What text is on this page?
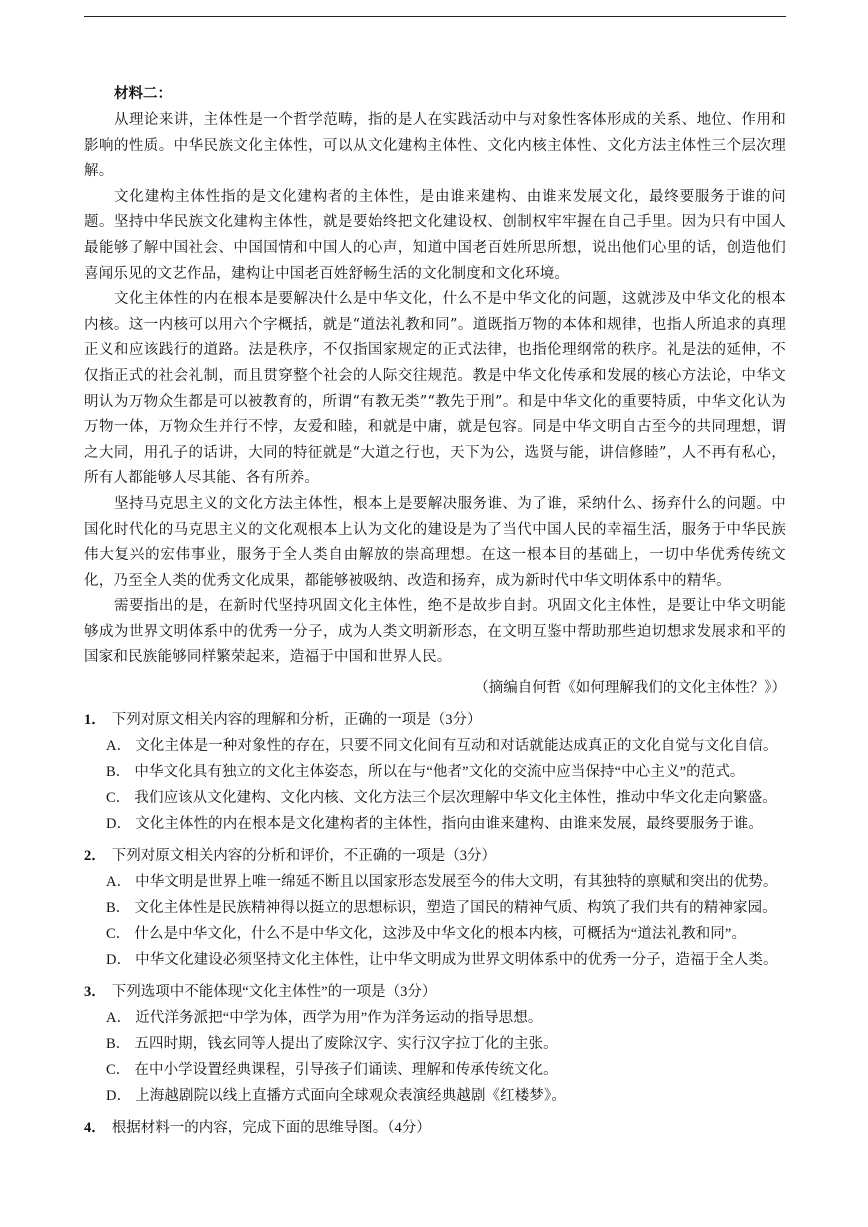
材料二：

从理论来讲，主体性是一个哲学范畴，指的是人在实践活动中与对象性客体形成的关系、地位、作用和影响的性质。中华民族文化主体性，可以从文化建构主体性、文化内核主体性、文化方法主体性三个层次理解。

文化建构主体性指的是文化建构者的主体性，是由谁来建构、由谁来发展文化，最终要服务于谁的问题。坚持中华民族文化建构主体性，就是要始终把文化建设权、创制权牢牢握在自己手里。因为只有中国人最能够了解中国社会、中国国情和中国人的心声，知道中国老百姓所思所想，说出他们心里的话，创造他们喜闻乐见的文艺作品，建构让中国老百姓舒畅生活的文化制度和文化环境。

文化主体性的内在根本是要解决什么是中华文化，什么不是中华文化的问题，这就涉及中华文化的根本内核。这一内核可以用六个字概括，就是“道法礼教和同”。道既指万物的本体和规律，也指人所追求的真理正义和应该践行的道路。法是秩序，不仅指国家规定的正式法律，也指伦理纲常的秩序。礼是法的延伸，不仅指正式的社会礼制，而且贯穿整个社会的人际交往规范。教是中华文化传承和发展的核心方法论，中华文明认为万物众生都是可以被教育的，所谓“有教无类”“教先于刑”。和是中华文化的重要特质，中华文化认为万物一体，万物众生并行不悖，友爱和睦，和就是中庸，就是包容。同是中华文明自古至今的共同理想，谓之大同，用孔子的话讲，大同的特征就是“大道之行也，天下为公，选贤与能，讲信修睦”，人不再有私心，所有人都能够人尽其能、各有所养。

坚持马克思主义的文化方法主体性，根本上是要解决服务谁、为了谁，采纳什么、扬弃什么的问题。中国化时代化的马克思主义的文化观根本上认为文化的建设是为了当代中国人民的幸福生活，服务于中华民族伟大复兴的宏伟事业，服务于全人类自由解放的崇高理想。在这一根本目的基础上，一切中华优秀传统文化，乃至全人类的优秀文化成果，都能够被吸纳、改造和扬弃，成为新时代中华文明体系中的精华。

需要指出的是，在新时代坚持巩固文化主体性，绝不是故步自封。巩固文化主体性，是要让中华文明能够成为世界文明体系中的优秀一分子，成为人类文明新形态，在文明互鉴中帮助那些迫切想求发展求和平的国家和民族能够同样繁荣起来，造福于中国和世界人民。

（摘编自何哲《如何理解我们的文化主体性？》）
1． 下列对原文相关内容的理解和分析，正确的一项是（3分）
A． 文化主体是一种对象性的存在，只要不同文化间有互动和对话就能达成真正的文化自觉与文化自信。
B． 中华文化具有独立的文化主体姿态，所以在与“他者”文化的交流中应当保持“中心主义”的范式。
C． 我们应该从文化建构、文化内核、文化方法三个层次理解中华文化主体性，推动中华文化走向繁盛。
D． 文化主体性的内在根本是文化建构者的主体性，指向由谁来建构、由谁来发展，最终要服务于谁。
2． 下列对原文相关内容的分析和评价，不正确的一项是（3分）
A． 中华文明是世界上唯一绵延不断且以国家形态发展至今的伟大文明，有其独特的禀赋和突出的优势。
B． 文化主体性是民族精神得以挺立的思想标识，塑造了国民的精神气质、构筑了我们共有的精神家园。
C． 什么是中华文化，什么不是中华文化，这涉及中华文化的根本内核，可概括为“道法礼教和同”。
D． 中华文化建设必须坚持文化主体性，让中华文明成为世界文明体系中的优秀一分子，造福于全人类。
3． 下列选项中不能体现“文化主体性”的一项是（3分）
A． 近代洋务派把“中学为体，西学为用”作为洋务运动的指导思想。
B． 五四时期，钱玄同等人提出了废除汉字、实行汉字拉丁化的主张。
C． 在中小学设置经典课程，引导孩子们诵读、理解和传承传统文化。
D． 上海越剧院以线上直播方式面向全球观众表演经典越剧《红楼梦》。
4． 根据材料一的内容，完成下面的思维导图。（4分）
